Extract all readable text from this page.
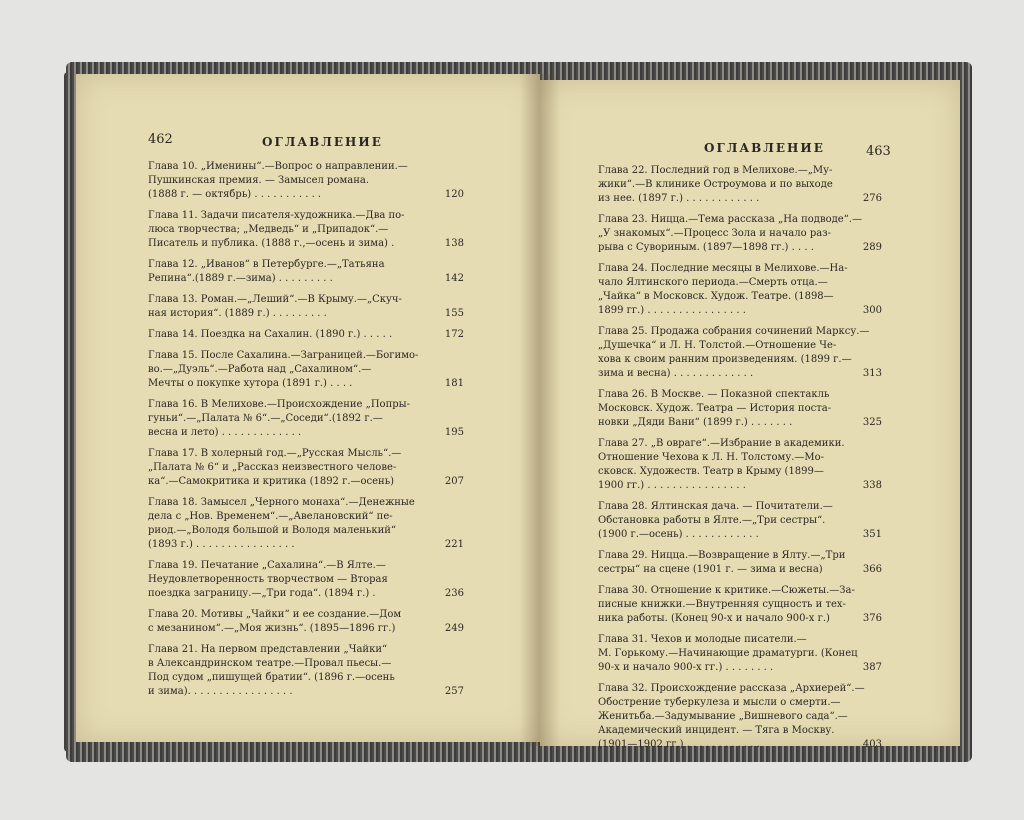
462	ОГЛАВЛЕНИЕ	ОГЛАВЛЕНИЕ	463
Глава 10. „Именины“.—Вопрос о направлении.—
Пушкинская премия. — Замысел романа.
(1888 г. — октябрь) . . . . . . . . . . .	120
Глава 11. Задачи писателя-художника.—Два по-
люса творчества; „Медведь“ и „Припадок“.—
Писатель и публика. (1888 г.,—осень и зима) .	138
Глава 12. „Иванов“ в Петербурге.—„Татьяна
Репина“.(1889 г.—зима) . . . . . . . . .	142
Глава 13. Роман.—„Леший“.—В Крыму.—„Скуч-
ная история“. (1889 г.) . . . . . . . . .	155
Глава 14. Поездка на Сахалин. (1890 г.) . . . . .	172
Глава 15. После Сахалина.—Заграницей.—Богимо-
во.—„Дуэль“.—Работа над „Сахалином“.—
Мечты о покупке хутора (1891 г.) . . . .	181
Глава 16. В Мелихове.—Происхождение „Попры-
гуньи“.—„Палата № 6“.—„Соседи“.(1892 г.—
весна и лето) . . . . . . . . . . . . .	195
Глава 17. В холерный год.—„Русская Мысль“.—
„Палата № 6“ и „Рассказ неизвестного челове-
ка“.—Самокритика и критика (1892 г.—осень)	207
Глава 18. Замысел „Черного монаха“.—Денежные
дела с „Нов. Временем“.—„Авелановский“ пе-
риод.—„Володя большой и Володя маленький“
(1893 г.) . . . . . . . . . . . . . . . .	221
Глава 19. Печатание „Сахалина“.—В Ялте.—
Неудовлетворенность творчеством — Вторая
поездка заграницу.—„Три года“. (1894 г.) .	236
Глава 20. Мотивы „Чайки“ и ее создание.—Дом
с мезанином“.—„Моя жизнь“. (1895—1896 гг.)	249
Глава 21. На первом представлении „Чайки“
в Александринском театре.—Провал пьесы.—
Под судом „пишущей братии“. (1896 г.—осень
и зима). . . . . . . . . . . . . . . . .	257
Глава 22. Последний год в Мелихове.—„Му-
жики“.—В клинике Остроумова и по выходе
из нее. (1897 г.) . . . . . . . . . . . .	276
Глава 23. Ницца.—Тема рассказа „На подводе“.—
„У знакомых“.—Процесс Зола и начало раз-
рыва с Сувориным. (1897—1898 гг.) . . . .	289
Глава 24. Последние месяцы в Мелихове.—На-
чало Ялтинского периода.—Смерть отца.—
„Чайка“ в Московск. Худож. Театре. (1898—
1899 гг.) . . . . . . . . . . . . . . . .	300
Глава 25. Продажа собрания сочинений Марксу.—
„Душечка“ и Л. Н. Толстой.—Отношение Че-
хова к своим ранним произведениям. (1899 г.—
зима и весна) . . . . . . . . . . . . .	313
Глава 26. В Москве. — Показной спектакль
Московск. Худож. Театра — История поста-
новки „Дяди Вани“ (1899 г.) . . . . . . .	325
Глава 27. „В овраге“.—Избрание в академики.
Отношение Чехова к Л. Н. Толстому.—Мо-
сковск. Художеств. Театр в Крыму (1899—
1900 гг.) . . . . . . . . . . . . . . . .	338
Глава 28. Ялтинская дача. — Почитатели.—
Обстановка работы в Ялте.—„Три сестры“.
(1900 г.—осень) . . . . . . . . . . . .	351
Глава 29. Ницца.—Возвращение в Ялту.—„Три
сестры“ на сцене (1901 г. — зима и весна)	366
Глава 30. Отношение к критике.—Сюжеты.—За-
писные книжки.—Внутренняя сущность и тех-
ника работы. (Конец 90-х и начало 900-х г.)	376
Глава 31. Чехов и молодые писатели.—
М. Горькому.—Начинающие драматурги. (Конец
90-х и начало 900-х гг.) . . . . . . . .	387
Глава 32. Происхождение рассказа „Архиерей“.—
Обострение туберкулеза и мысли о смерти.—
Женитьба.—Задумывание „Вишневого сада“.—
Академический инцидент. — Тяга в Москву.
(1901—1902 гг.) . . . . . . . . . . . .	403
